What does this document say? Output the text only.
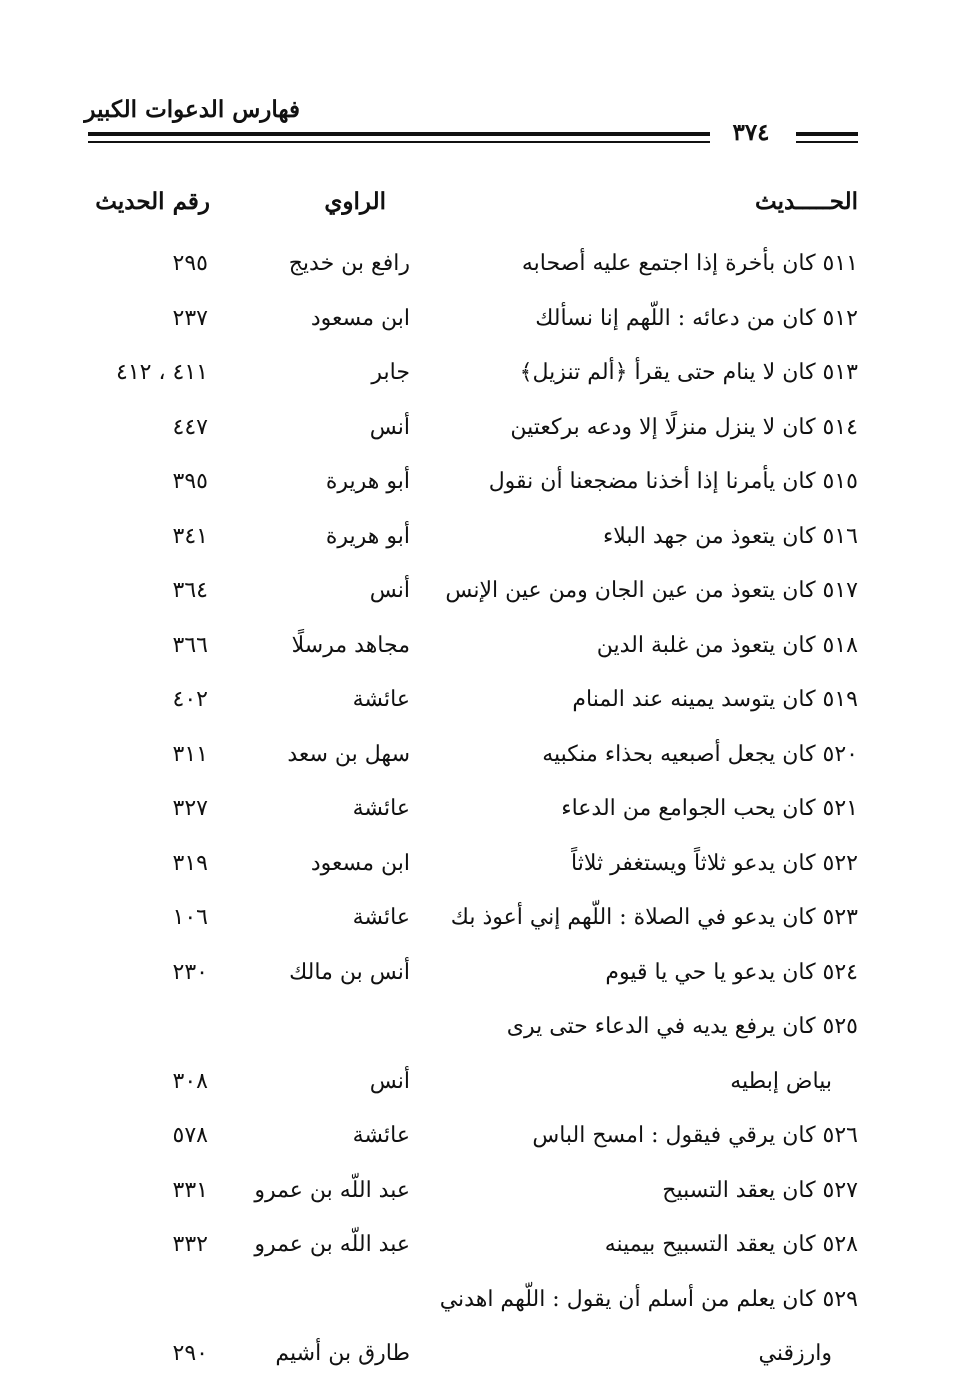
فهارس الدعوات الكبير
٣٧٤
الحـــــديث
الراوي
رقم الحديث
٥١١ كان بأخرة إذا اجتمع عليه أصحابه
رافع بن خديج
٢٩٥
٥١٢ كان من دعائه : اللّهم إنا نسألك
ابن مسعود
٢٣٧
٥١٣ كان لا ينام حتى يقرأ ﴿ألم تنزيل﴾
جابر
٤١١ ، ٤١٢
٥١٤ كان لا ينزل منزلًا إلا ودعه بركعتين
أنس
٤٤٧
٥١٥ كان يأمرنا إذا أخذنا مضجعنا أن نقول
أبو هريرة
٣٩٥
٥١٦ كان يتعوذ من جهد البلاء
أبو هريرة
٣٤١
٥١٧ كان يتعوذ من عين الجان ومن عين الإنس
أنس
٣٦٤
٥١٨ كان يتعوذ من غلبة الدين
مجاهد مرسلًا
٣٦٦
٥١٩ كان يتوسد يمينه عند المنام
عائشة
٤٠٢
٥٢٠ كان يجعل أصبعيه بحذاء منكبيه
سهل بن سعد
٣١١
٥٢١ كان يحب الجوامع من الدعاء
عائشة
٣٢٧
٥٢٢ كان يدعو ثلاثاً ويستغفر ثلاثاً
ابن مسعود
٣١٩
٥٢٣ كان يدعو في الصلاة : اللّهم إني أعوذ بك
عائشة
١٠٦
٥٢٤ كان يدعو يا حي يا قيوم
أنس بن مالك
٢٣٠
٥٢٥ كان يرفع يديه في الدعاء حتى يرى
بياض إبطيه
أنس
٣٠٨
٥٢٦ كان يرقي فيقول : امسح الباس
عائشة
٥٧٨
٥٢٧ كان يعقد التسبيح
عبد اللّه بن عمرو
٣٣١
٥٢٨ كان يعقد التسبيح بيمينه
عبد اللّه بن عمرو
٣٣٢
٥٢٩ كان يعلم من أسلم أن يقول : اللّهم اهدني
وارزقني
طارق بن أشيم
٢٩٠
